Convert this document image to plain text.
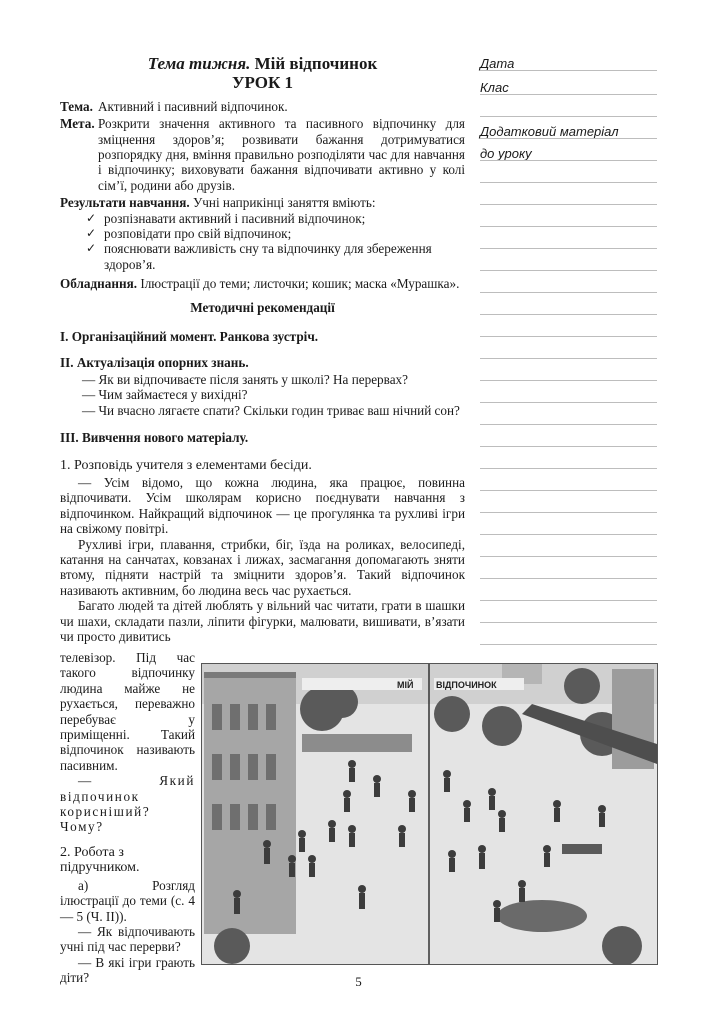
Тема тижня. Мій відпочинок
УРОК 1
Тема. Активний і пасивний відпочинок.
Мета. Розкрити значення активного та пасивного відпочинку для зміцнення здоров’я; розвивати бажання дотримуватися розпорядку дня, вміння правильно розподіляти час для навчання і відпочинку; виховувати бажання відпочивати активно у колі сім’ї, родини або друзів.
Результати навчання. Учні наприкінці заняття вміють:
✓ розпізнавати активний і пасивний відпочинок;
✓ розповідати про свій відпочинок;
✓ пояснювати важливість сну та відпочинку для збереження здоров’я.
Обладнання. Ілюстрації до теми; листочки; кошик; маска «Мурашка».
Методичні рекомендації
I. Організаційний момент. Ранкова зустріч.
II. Актуалізація опорних знань.
— Як ви відпочиваєте після занять у школі? На перервах?
— Чим займаєтеся у вихідні?
— Чи вчасно лягаєте спати? Скільки годин триває ваш нічний сон?
III. Вивчення нового матеріалу.
1. Розповідь учителя з елементами бесіди.

— Усім відомо, що кожна людина, яка працює, повинна відпочивати. Усім школярам корисно поєднувати навчання з відпочинком. Найкращий відпочинок — це прогулянка та рухливі ігри на свіжому повітрі.

Рухливі ігри, плавання, стрибки, біг, їзда на роликах, велосипеді, катання на санчатах, ковзанах і лижах, засмагання допомагають зняти втому, підняти настрій та зміцнити здоров’я. Такий відпочинок називають активним, бо людина весь час рухається.

Багато людей та дітей люблять у вільний час читати, грати в шашки чи шахи, складати пазли, ліпити фігурки, малювати, вишивати, в’язати чи просто дивитись

телевізор. Під час такого відпочинку людина майже не рухається, переважно перебуває у приміщенні. Такий відпочинок називають пасивним.

— Який відпочинок корисніший? Чому?

2. Робота з підручником.

а) Розгляд ілюстрації до теми (с. 4 — 5 (Ч. II)).

— Як відпочивають учні під час перерви?

— В які ігри грають діти?

МІЙ	ВІДПОЧИНОК
Дата
Клас
Додатковий матеріал
до уроку
5
